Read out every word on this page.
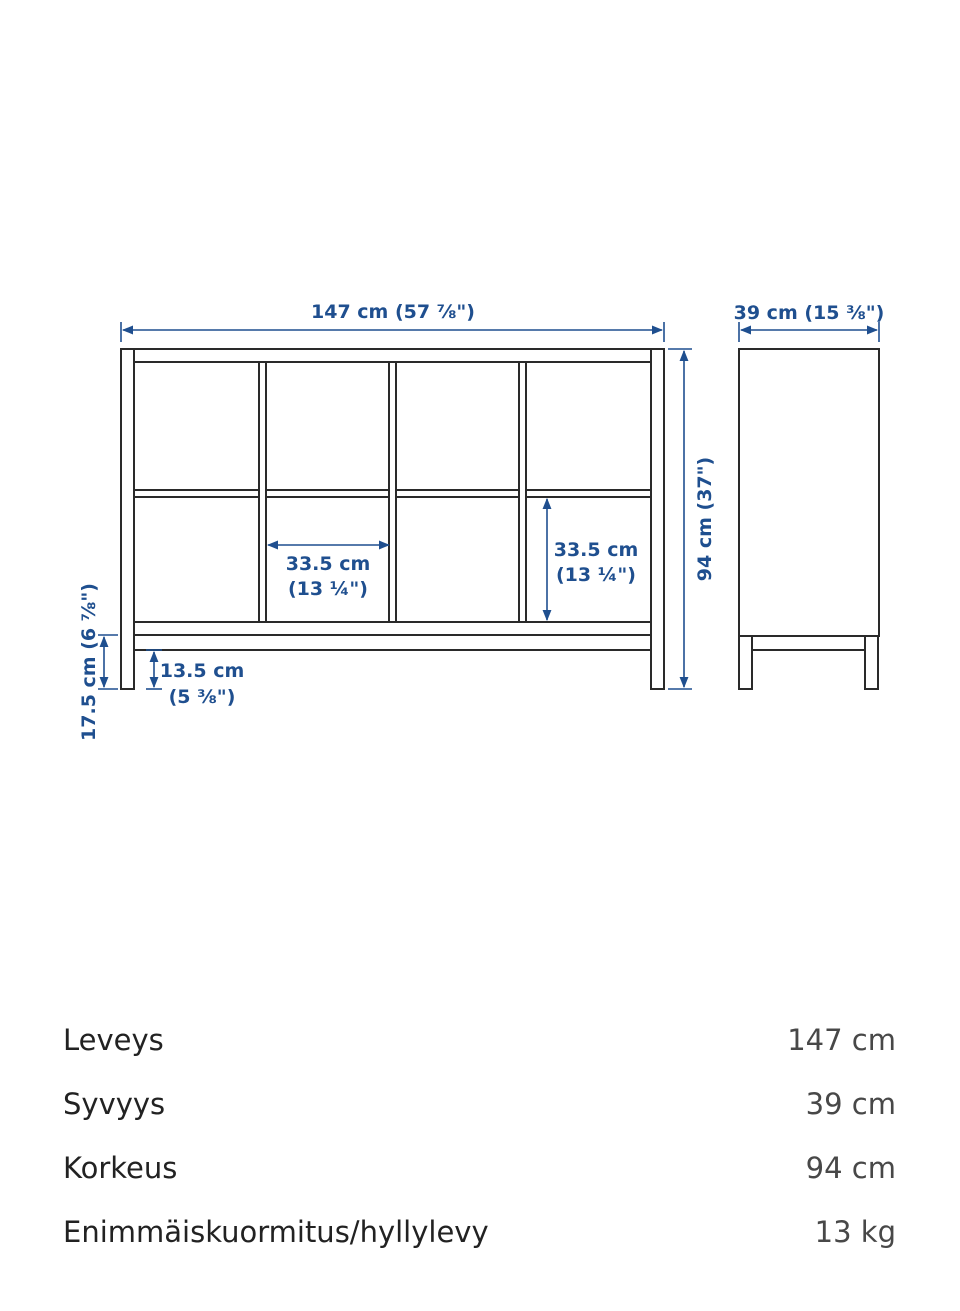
147 cm (57 ⅞")	39 cm (15 ⅜")
94 cm (37")
33.5 cm
(13 ¼")
33.5 cm
(13 ¼")
17.5 cm (6 ⅞")	13.5 cm
(5 ⅜")
Leveys	147 cm
Syvyys	39 cm
Korkeus	94 cm
Enimmäiskuormitus/hyllylevy	13 kg
